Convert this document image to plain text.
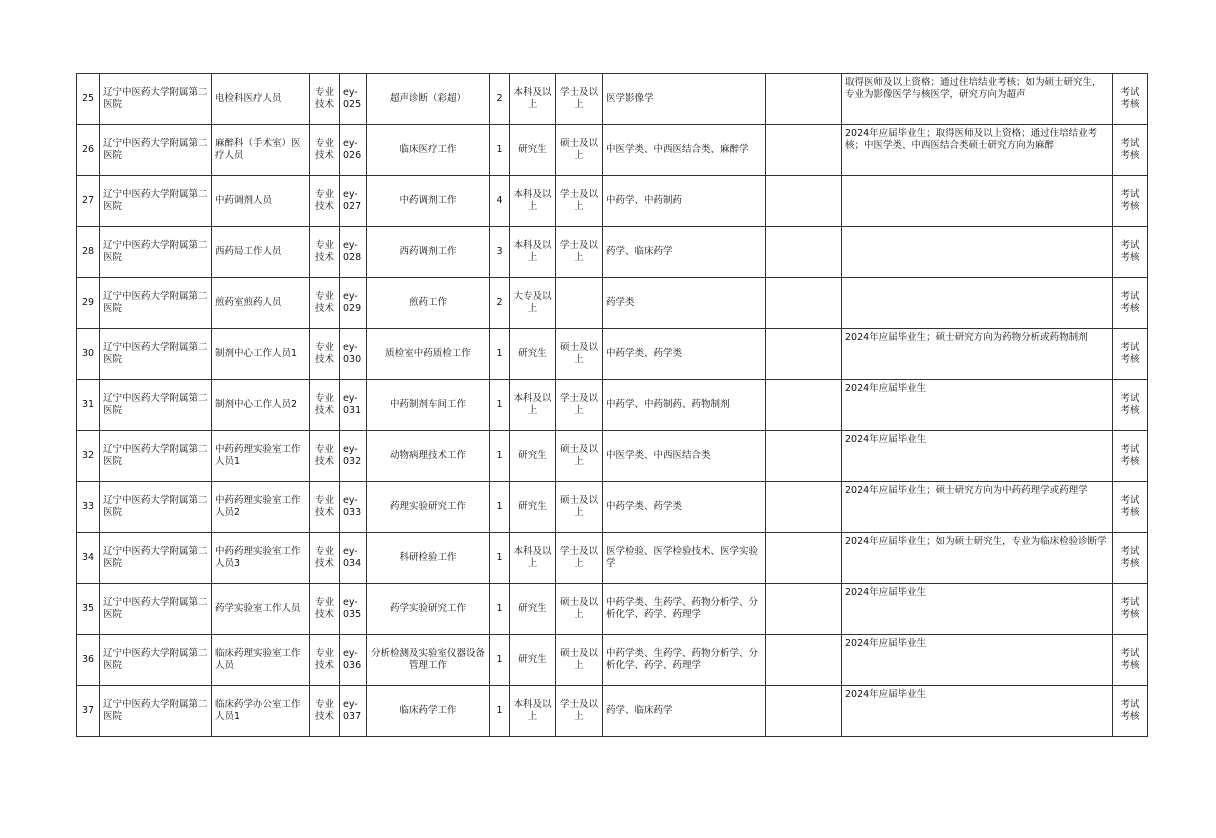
25	辽宁中医药大学附属第二医院	电检科医疗人员	专业技术	ey-025	超声诊断（彩超）	2	本科及以上	学士及以上	医学影像学		取得医师及以上资格；通过住培结业考核；如为硕士研究生，专业为影像医学与核医学，研究方向为超声	考试考核
26	辽宁中医药大学附属第二医院	麻醉科（手术室）医疗人员	专业技术	ey-026	临床医疗工作	1	研究生	硕士及以上	中医学类、中西医结合类、麻醉学		2024年应届毕业生；取得医师及以上资格；通过住培结业考核；中医学类、中西医结合类硕士研究方向为麻醉	考试考核
27	辽宁中医药大学附属第二医院	中药调剂人员	专业技术	ey-027	中药调剂工作	4	本科及以上	学士及以上	中药学、中药制药			考试考核
28	辽宁中医药大学附属第二医院	西药局工作人员	专业技术	ey-028	西药调剂工作	3	本科及以上	学士及以上	药学、临床药学			考试考核
29	辽宁中医药大学附属第二医院	煎药室煎药人员	专业技术	ey-029	煎药工作	2	大专及以上		药学类			考试考核
30	辽宁中医药大学附属第二医院	制剂中心工作人员1	专业技术	ey-030	质检室中药质检工作	1	研究生	硕士及以上	中药学类、药学类		2024年应届毕业生；硕士研究方向为药物分析或药物制剂	考试考核
31	辽宁中医药大学附属第二医院	制剂中心工作人员2	专业技术	ey-031	中药制剂车间工作	1	本科及以上	学士及以上	中药学、中药制药、药物制剂		2024年应届毕业生	考试考核
32	辽宁中医药大学附属第二医院	中药药理实验室工作人员1	专业技术	ey-032	动物病理技术工作	1	研究生	硕士及以上	中医学类、中西医结合类		2024年应届毕业生	考试考核
33	辽宁中医药大学附属第二医院	中药药理实验室工作人员2	专业技术	ey-033	药理实验研究工作	1	研究生	硕士及以上	中药学类、药学类		2024年应届毕业生；硕士研究方向为中药药理学或药理学	考试考核
34	辽宁中医药大学附属第二医院	中药药理实验室工作人员3	专业技术	ey-034	科研检验工作	1	本科及以上	学士及以上	医学检验、医学检验技术、医学实验学		2024年应届毕业生；如为硕士研究生，专业为临床检验诊断学	考试考核
35	辽宁中医药大学附属第二医院	药学实验室工作人员	专业技术	ey-035	药学实验研究工作	1	研究生	硕士及以上	中药学类、生药学、药物分析学、分析化学、药学、药理学		2024年应届毕业生	考试考核
36	辽宁中医药大学附属第二医院	临床药理实验室工作人员	专业技术	ey-036	分析检测及实验室仪器设备管理工作	1	研究生	硕士及以上	中药学类、生药学、药物分析学、分析化学、药学、药理学		2024年应届毕业生	考试考核
37	辽宁中医药大学附属第二医院	临床药学办公室工作人员1	专业技术	ey-037	临床药学工作	1	本科及以上	学士及以上	药学、临床药学		2024年应届毕业生	考试考核
